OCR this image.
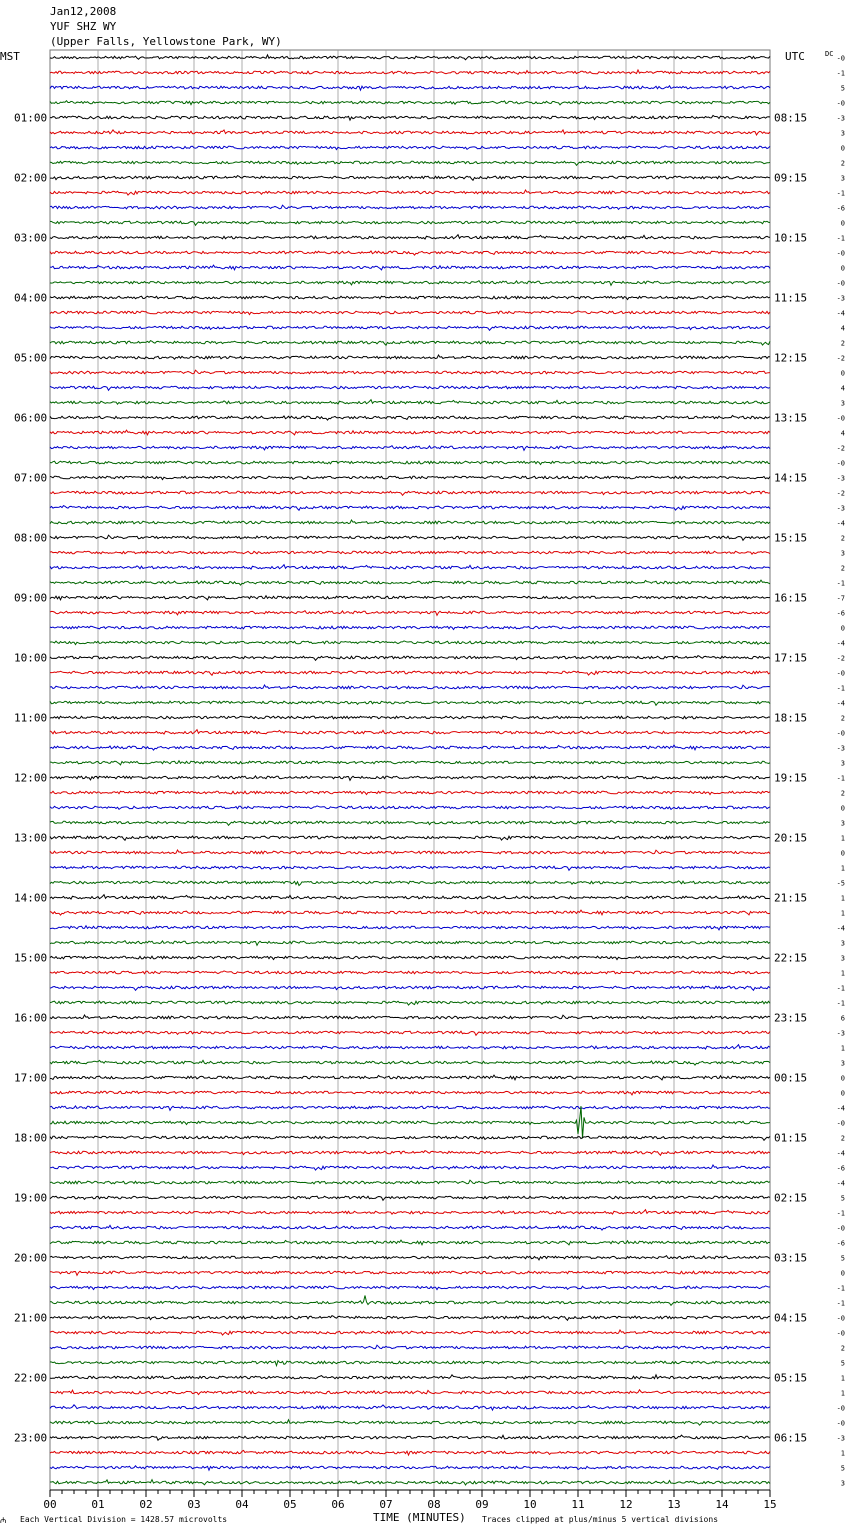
Jan12,2008
YUF SHZ WY
(Upper Falls, Yellowstone Park, WY)
MST	UTC	DC
01:00
02:00
03:00
04:00
05:00
06:00
07:00
08:00
09:00
10:00
11:00
12:00
13:00
14:00
15:00
16:00
17:00
18:00
19:00
20:00
21:00
22:00
23:00
08:15
09:15
10:15
11:15
12:15
13:15
14:15
15:15
16:15
17:15
18:15
19:15
20:15
21:15
22:15
23:15
00:15
01:15
02:15
03:15
04:15
05:15
06:15
-0
-1
5
-0
-3
3
0
2
3
-1
-6
0
-1
-0
0
-0
-3
-4
4
2
-2
0
4
3
-0
4
-2
-0
-3
-2
-3
-4
2
3
2
-1
-7
-6
0
-4
-2
-0
-1
-4
2
-0
-3
3
-1
2
0
3
1
0
1
-5
1
1
-4
3
3
1
-1
-1
6
-3
1
3
0
0
-4
-0
2
-4
-6
-4
5
-1
-0
-6
5
0
-1
-1
-0
-0
2
5
1
1
-0
-0
-3
1
5
3
00	01	02	03	04	05	06	07	08	09	10	11	12	13	14	15
₼ Each Vertical Division = 1428.57 microvolts	TIME (MINUTES) Traces clipped at plus/minus 5 vertical divisions
